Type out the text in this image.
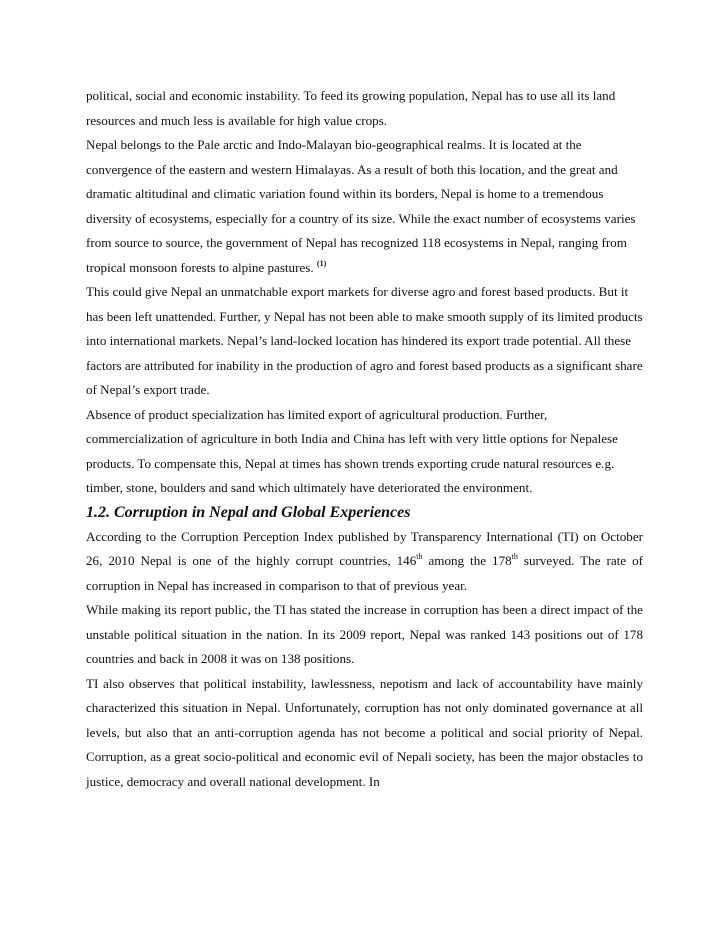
political, social and economic instability. To feed its growing population, Nepal has to use all its land resources and much less is available for high value crops.

Nepal belongs to the Pale arctic and Indo-Malayan bio-geographical realms. It is located at the convergence of the eastern and western Himalayas. As a result of both this location, and the great and dramatic altitudinal and climatic variation found within its borders, Nepal is home to a tremendous diversity of ecosystems, especially for a country of its size. While the exact number of ecosystems varies from source to source, the government of Nepal has recognized 118 ecosystems in Nepal, ranging from tropical monsoon forests to alpine pastures. $^{(1)}$

This could give Nepal an unmatchable export markets for diverse agro and forest based products. But it has been left unattended. Further, y Nepal has not been able to make smooth supply of its limited products into international markets. Nepal’s land-locked location has hindered its export trade potential. All these factors are attributed for inability in the production of agro and forest based products as a significant share of Nepal’s export trade.

Absence of product specialization has limited export of agricultural production. Further, commercialization of agriculture in both India and China has left with very little options for Nepalese products. To compensate this, Nepal at times has shown trends exporting crude natural resources e.g. timber, stone, boulders and sand which ultimately have deteriorated the environment.

1.2. Corruption in Nepal and Global Experiences

According to the Corruption Perception Index published by Transparency International (TI) on October 26, 2010 Nepal is one of the highly corrupt countries, 146th among the 178th surveyed. The rate of corruption in Nepal has increased in comparison to that of previous year.

While making its report public, the TI has stated the increase in corruption has been a direct impact of the unstable political situation in the nation. In its 2009 report, Nepal was ranked 143 positions out of 178 countries and back in 2008 it was on 138 positions.

TI also observes that political instability, lawlessness, nepotism and lack of accountability have mainly characterized this situation in Nepal. Unfortunately, corruption has not only dominated governance at all levels, but also that an anti-corruption agenda has not become a political and social priority of Nepal. Corruption, as a great socio-political and economic evil of Nepali society, has been the major obstacles to justice, democracy and overall national development. In
